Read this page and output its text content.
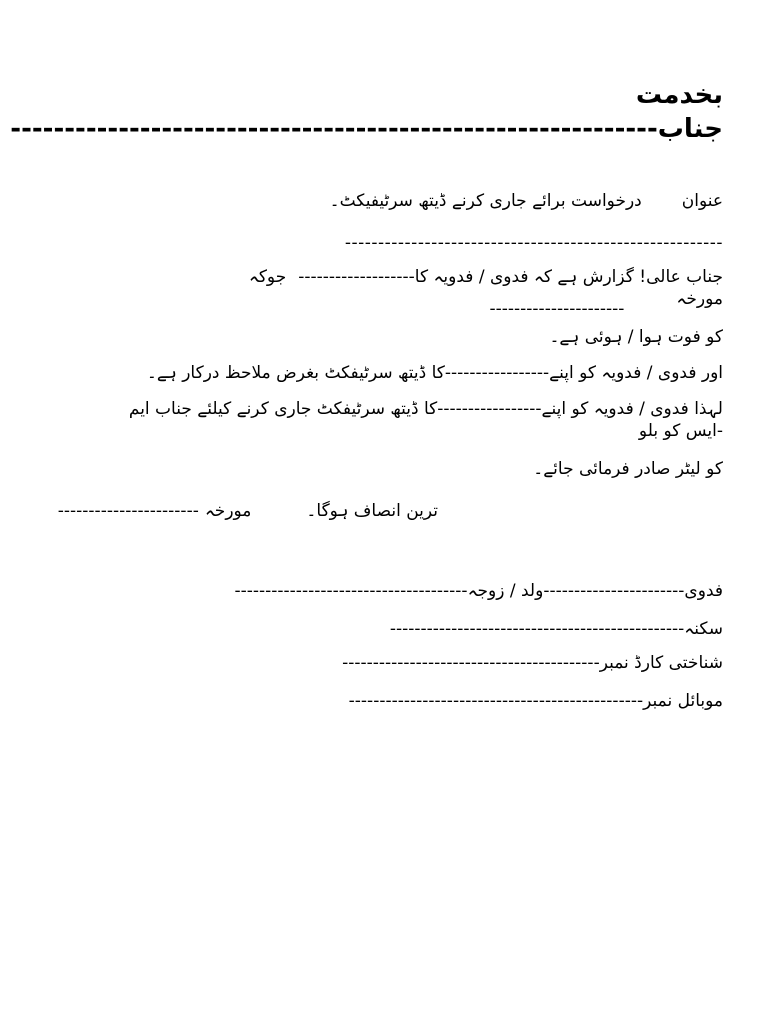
بخدمت
جناب------------------------------------------------------------
عنواندرخواست برائے جاری کرنے ڈیتھ سرٹیفیکٹ۔
---------------------------------------------------------
جناب عالی! گزارش ہے کہ فدوی / فدویہ کا-------------------جوکہ
مورخہ
----------------------
کو فوت ہوا / ہوئی ہے۔
اور فدوی / فدویہ کو اپنے-----------------کا ڈیتھ سرٹیفکٹ بغرض ملاحظ درکار ہے۔
لہذا فدوی / فدویہ کو اپنے-----------------کا ڈیتھ سرٹیفکٹ جاری کرنے کیلئے جناب ایم
-ایس کو بلو
کو لیٹر صادر فرمائی جائے۔
ترین انصاف ہوگا۔مورخہ-----------------------
فدوی-----------------------ولد / زوجہ--------------------------------------
سکنہ------------------------------------------------
شناختی کارڈ نمبر------------------------------------------
موبائل نمبر------------------------------------------------
